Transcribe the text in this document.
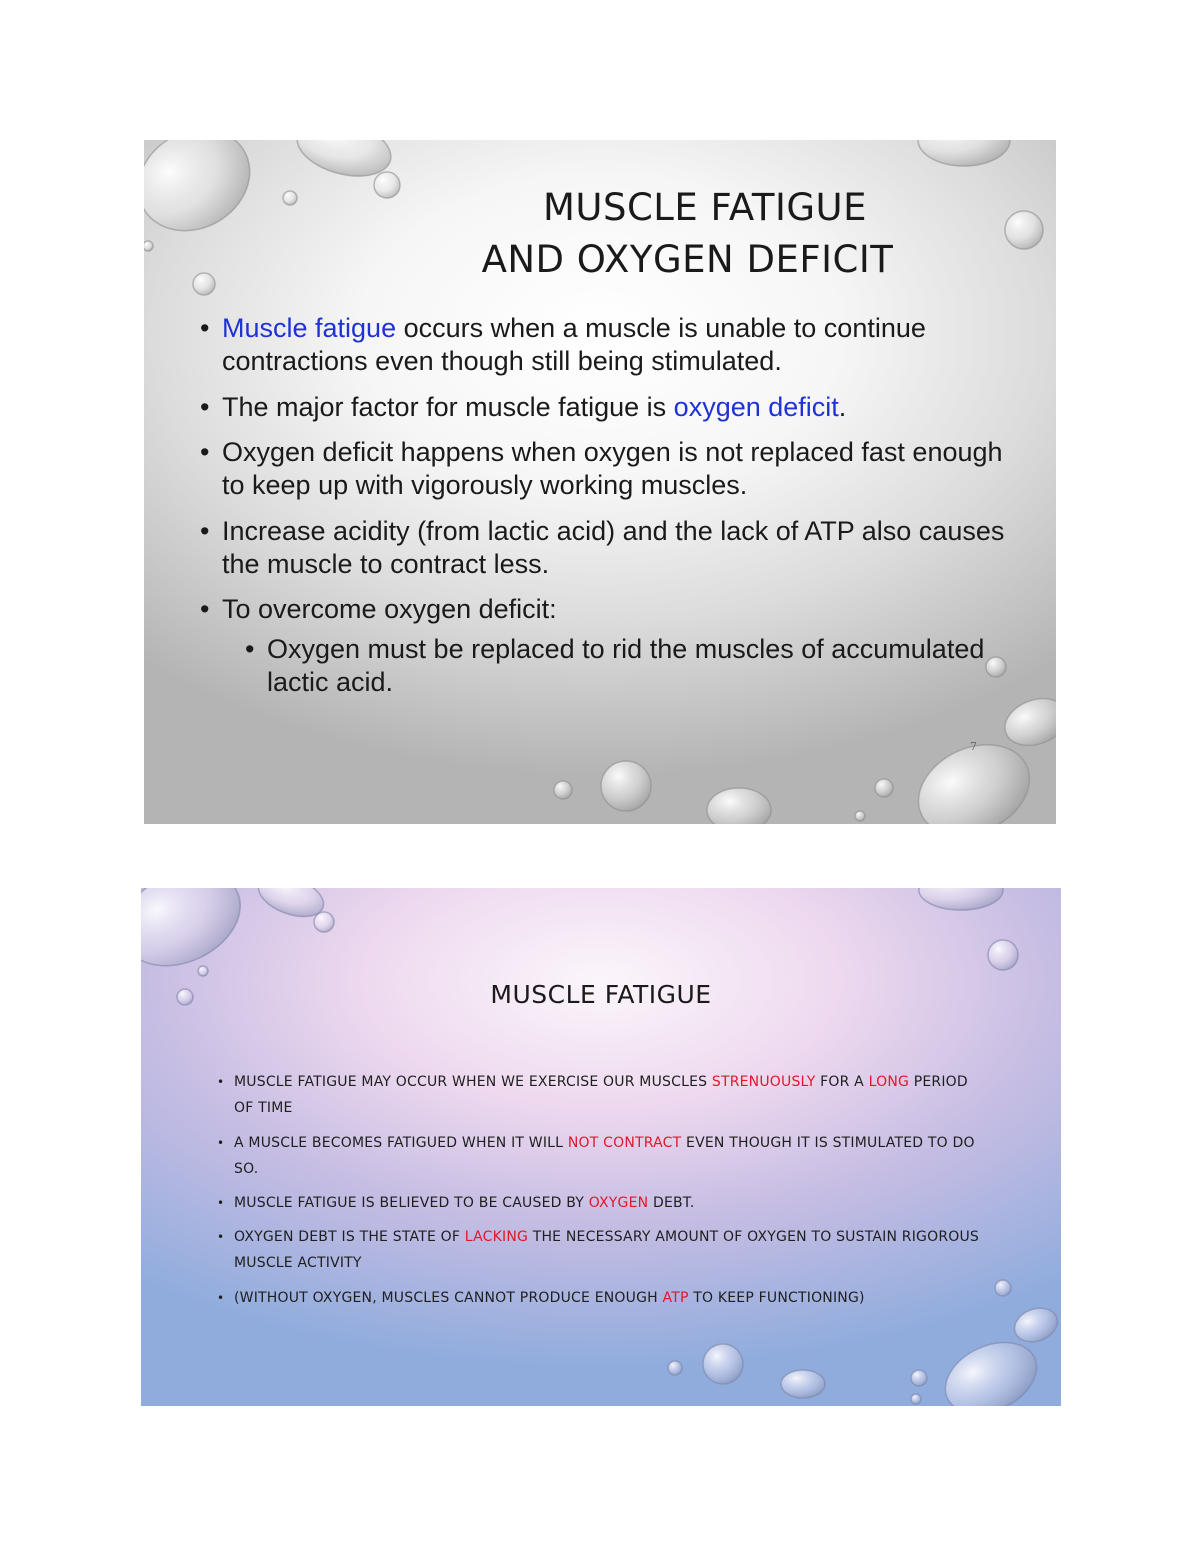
MUSCLE FATIGUE
AND OXYGEN DEFICIT
• Muscle fatigue occurs when a muscle is unable to continue contractions even though still being stimulated.
• The major factor for muscle fatigue is oxygen deficit.
• Oxygen deficit happens when oxygen is not replaced fast enough to keep up with vigorously working muscles.
• Increase acidity (from lactic acid) and the lack of ATP also causes the muscle to contract less.
• To overcome oxygen deficit:
• Oxygen must be replaced to rid the muscles of accumulated lactic acid.
7
MUSCLE FATIGUE
• MUSCLE FATIGUE MAY OCCUR WHEN WE EXERCISE OUR MUSCLES STRENUOUSLY FOR A LONG PERIOD OF TIME
• A MUSCLE BECOMES FATIGUED WHEN IT WILL NOT CONTRACT EVEN THOUGH IT IS STIMULATED TO DO SO.
• MUSCLE FATIGUE IS BELIEVED TO BE CAUSED BY OXYGEN DEBT.
• OXYGEN DEBT IS THE STATE OF LACKING THE NECESSARY AMOUNT OF OXYGEN TO SUSTAIN RIGOROUS MUSCLE ACTIVITY
• (WITHOUT OXYGEN, MUSCLES CANNOT PRODUCE ENOUGH ATP TO KEEP FUNCTIONING)
